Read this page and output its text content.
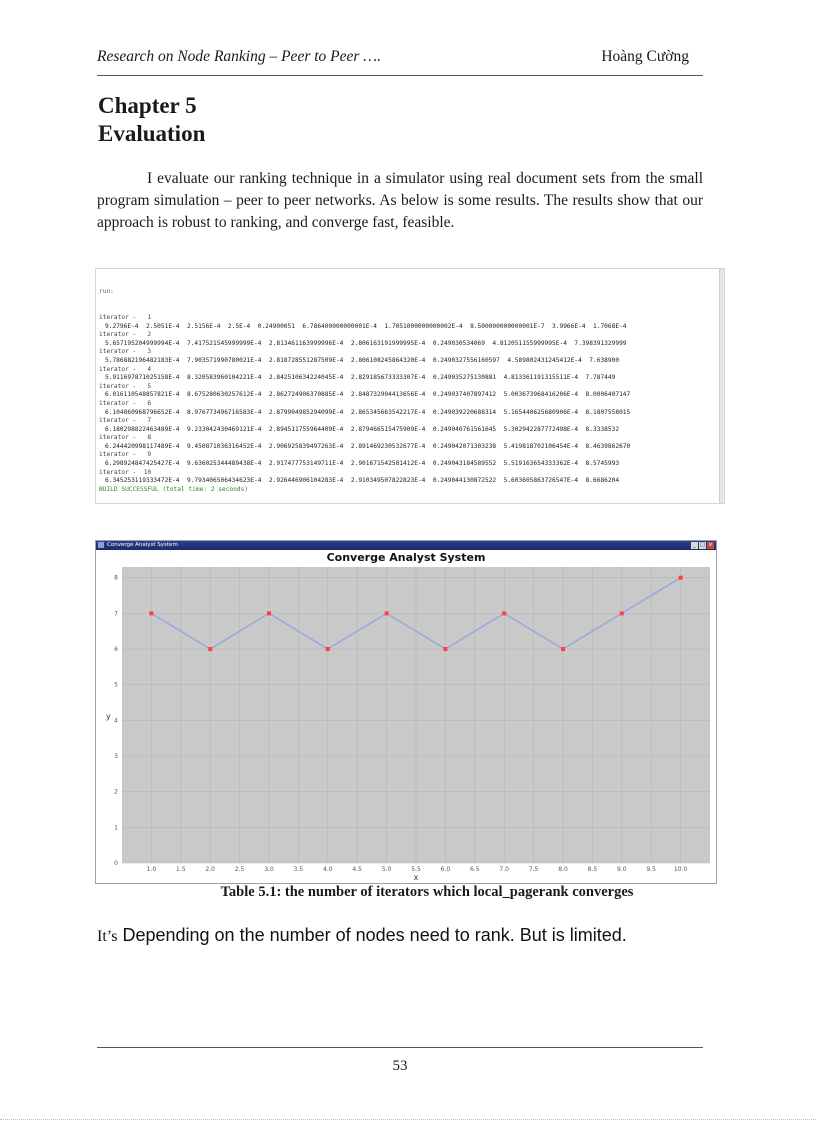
Research on Node Ranking – Peer to Peer ….	Hoàng Cường
Chapter 5
Evaluation

I evaluate our ranking technique in a simulator using real document sets from the small program simulation – peer to peer networks. As below is some results. The results show that our approach is robust to ranking, and converge fast, feasible.

run:

iterator -   1
9.2796E-4  2.5051E-4  2.5156E-4  2.5E-4  0.24900051  6.786400000000001E-4  1.7051000000000002E-4  8.500000000000001E-7  3.9966E-4  1.7068E-4
iterator -   2
5.657195204999994E-4  7.417521545999999E-4  2.813461163999996E-4  2.806163191999995E-4  0.249030534069  4.812051155999995E-4  7.398391329999
iterator -   3
5.786882196482183E-4  7.903571990780021E-4  2.818728551287509E-4  2.806108245864320E-4  0.2490327556160597  4.589802431245412E-4  7.638900
iterator -   4
5.911697871025158E-4  8.320583960104221E-4  2.842510634224045E-4  2.829185673333307E-4  0.249035275130881  4.813361191315511E-4  7.787449
iterator -   5
6.016110548857821E-4  8.675280630257612E-4  2.862724906370885E-4  2.848732904413656E-4  0.249037407897412  5.003673968416206E-4  8.0006407147
iterator -   6
6.104860968796652E-4  8.976773496716583E-4  2.879904985294099E-4  2.865345663542217E-4  0.249039220688314  5.165440625680906E-4  8.1807558015
iterator -   7
6.180298822463489E-4  9.233042430469121E-4  2.894511755964409E-4  2.879466515475909E-4  0.249040761561645  5.302942287772498E-4  8.3338532
iterator -   8
6.244420998117489E-4  9.450871036316452E-4  2.906925839497263E-4  2.891469230532677E-4  0.249042071303238  5.419818702106454E-4  8.4639862670
iterator -   9
6.298924847425427E-4  9.636025344489438E-4  2.917477753149711E-4  2.901671542581412E-4  0.249043184589552  5.519163654333362E-4  8.5745993
iterator -  10
6.345253119333472E-4  9.793406506434623E-4  2.926446906104283E-4  2.910349507822823E-4  0.249044130872522  5.603605863726547E-4  8.6686204
BUILD SUCCESSFUL (total time: 2 seconds)
Converge Analyst System	_ □ ×
Converge Analyst System
0
1
2
3
4
5
6
7
8
1.0	1.5	2.0	2.5	3.0	3.5	4.0	4.5	5.0	5.5	6.0	6.5	7.0	7.5	8.0	8.5	9.0	9.5	10.0
y
x

Table 5.1: the number of iterators which local_pagerank converges

It’s Depending on the number of nodes need to rank. But is limited.

53
